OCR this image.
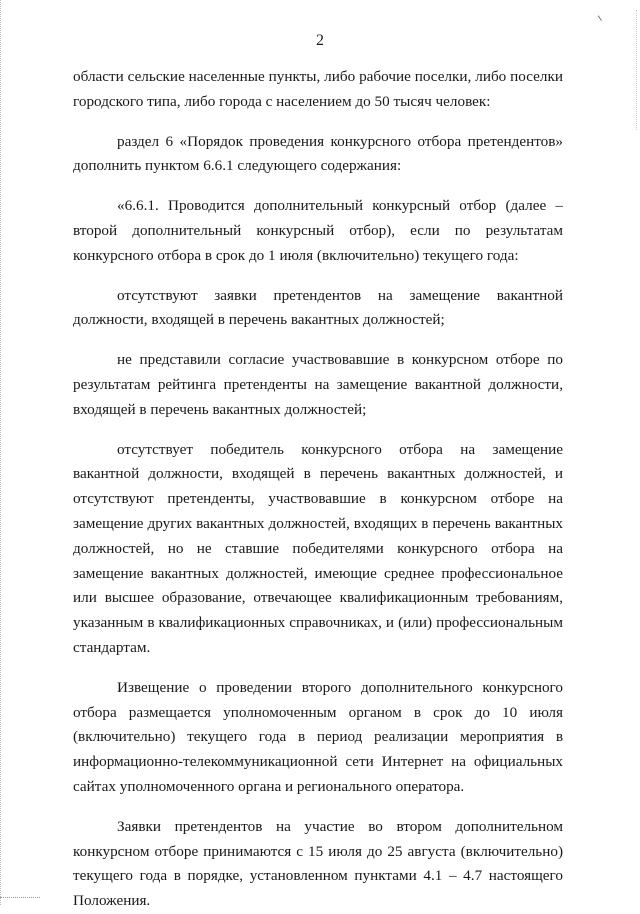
2

области сельские населенные пункты, либо рабочие поселки, либо поселки городского типа, либо города с населением до 50 тысяч человек:

раздел 6 «Порядок проведения конкурсного отбора претендентов» дополнить пунктом 6.6.1 следующего содержания:

«6.6.1. Проводится дополнительный конкурсный отбор (далее – второй дополнительный конкурсный отбор), если по результатам конкурсного отбора в срок до 1 июля (включительно) текущего года:

отсутствуют заявки претендентов на замещение вакантной должности, входящей в перечень вакантных должностей;

не представили согласие участвовавшие в конкурсном отборе по результатам рейтинга претенденты на замещение вакантной должности, входящей в перечень вакантных должностей;

отсутствует победитель конкурсного отбора на замещение вакантной должности, входящей в перечень вакантных должностей, и отсутствуют претенденты, участвовавшие в конкурсном отборе на замещение других вакантных должностей, входящих в перечень вакантных должностей, но не ставшие победителями конкурсного отбора на замещение вакантных должностей, имеющие среднее профессиональное или высшее образование, отвечающее квалификационным требованиям, указанным в квалификационных справочниках, и (или) профессиональным стандартам.

Извещение о проведении второго дополнительного конкурсного отбора размещается уполномоченным органом в срок до 10 июля (включительно) текущего года в период реализации мероприятия в информационно-телекоммуникационной сети Интернет на официальных сайтах уполномоченного органа и регионального оператора.

Заявки претендентов на участие во втором дополнительном конкурсном отборе принимаются с 15 июля до 25 августа (включительно) текущего года в порядке, установленном пунктами 4.1 – 4.7 настоящего Положения.
